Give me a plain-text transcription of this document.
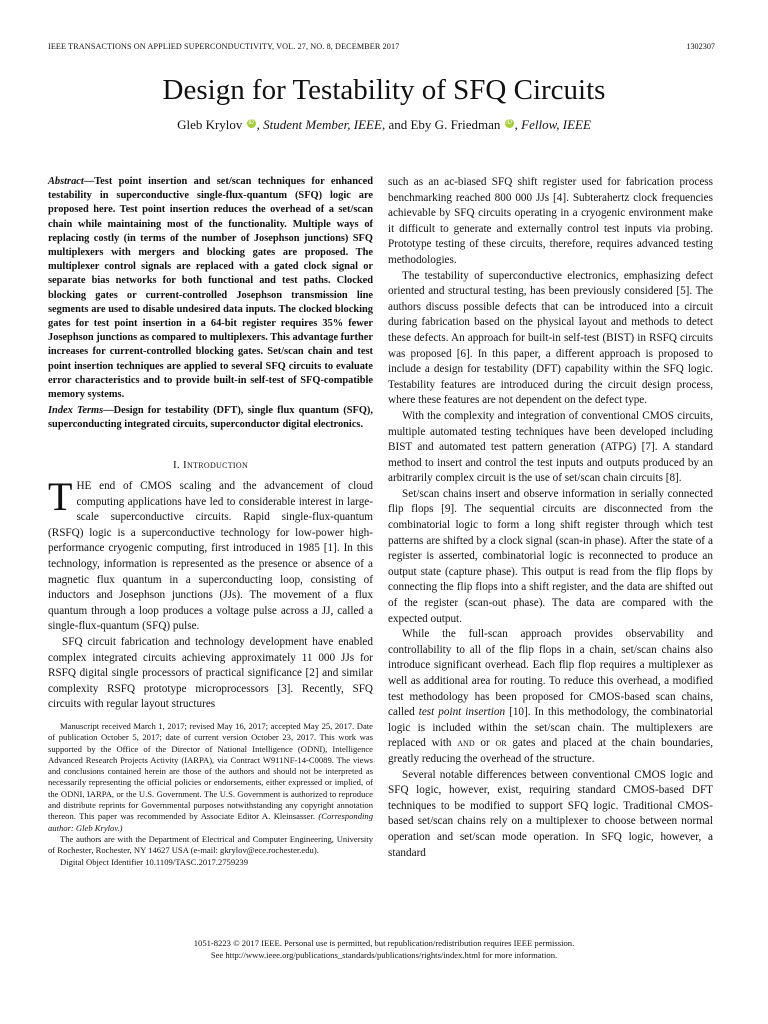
IEEE TRANSACTIONS ON APPLIED SUPERCONDUCTIVITY, VOL. 27, NO. 8, DECEMBER 2017	1302307
Design for Testability of SFQ Circuits
Gleb Krylov iD , Student Member, IEEE, and Eby G. Friedman iD , Fellow, IEEE
Abstract—Test point insertion and set/scan techniques for enhanced testability in superconductive single-flux-quantum (SFQ) logic are proposed here. Test point insertion reduces the overhead of a set/scan chain while maintaining most of the functionality. Multiple ways of replacing costly (in terms of the number of Josephson junctions) SFQ multiplexers with mergers and blocking gates are proposed. The multiplexer control signals are replaced with a gated clock signal or separate bias networks for both functional and test paths. Clocked blocking gates or current-controlled Josephson transmission line segments are used to disable undesired data inputs. The clocked blocking gates for test point insertion in a 64-bit register requires 35% fewer Josephson junctions as compared to multiplexers. This advantage further increases for current-controlled blocking gates. Set/scan chain and test point insertion techniques are applied to several SFQ circuits to evaluate error characteristics and to provide built-in self-test of SFQ-compatible memory systems.
Index Terms—Design for testability (DFT), single flux quantum (SFQ), superconducting integrated circuits, superconductor digital electronics.
I. Introduction

THE end of CMOS scaling and the advancement of cloud computing applications have led to considerable interest in large-scale superconductive circuits. Rapid single-flux-quantum (RSFQ) logic is a superconductive technology for low-power high-performance cryogenic computing, first introduced in 1985 [1]. In this technology, information is represented as the presence or absence of a magnetic flux quantum in a superconducting loop, consisting of inductors and Josephson junctions (JJs). The movement of a flux quantum through a loop produces a voltage pulse across a JJ, called a single-flux-quantum (SFQ) pulse.

SFQ circuit fabrication and technology development have enabled complex integrated circuits achieving approximately 11 000 JJs for RSFQ digital single processors of practical significance [2] and similar complexity RSFQ prototype microprocessors [3]. Recently, SFQ circuits with regular layout structures

Manuscript received March 1, 2017; revised May 16, 2017; accepted May 25, 2017. Date of publication October 5, 2017; date of current version October 23, 2017. This work was supported by the Office of the Director of National Intelligence (ODNI), Intelligence Advanced Research Projects Activity (IARPA), via Contract W911NF-14-C0089. The views and conclusions contained herein are those of the authors and should not be interpreted as necessarily representing the official policies or endorsements, either expressed or implied, of the ODNI, IARPA, or the U.S. Government. The U.S. Government is authorized to reproduce and distribute reprints for Governmental purposes notwithstanding any copyright annotation thereon. This paper was recommended by Associate Editor A. Kleinsasser. (Corresponding author: Gleb Krylov.)

The authors are with the Department of Electrical and Computer Engineering, University of Rochester, Rochester, NY 14627 USA (e-mail: gkrylov@ece.rochester.edu).

Digital Object Identifier 10.1109/TASC.2017.2759239

such as an ac-biased SFQ shift register used for fabrication process benchmarking reached 800 000 JJs [4]. Subterahertz clock frequencies achievable by SFQ circuits operating in a cryogenic environment make it difficult to generate and externally control test inputs via probing. Prototype testing of these circuits, therefore, requires advanced testing methodologies.

The testability of superconductive electronics, emphasizing defect oriented and structural testing, has been previously considered [5]. The authors discuss possible defects that can be introduced into a circuit during fabrication based on the physical layout and methods to detect these defects. An approach for built-in self-test (BIST) in RSFQ circuits was proposed [6]. In this paper, a different approach is proposed to include a design for testability (DFT) capability within the SFQ logic. Testability features are introduced during the circuit design process, where these features are not dependent on the defect type.

With the complexity and integration of conventional CMOS circuits, multiple automated testing techniques have been developed including BIST and automated test pattern generation (ATPG) [7]. A standard method to insert and control the test inputs and outputs produced by an arbitrarily complex circuit is the use of set/scan chain circuits [8].

Set/scan chains insert and observe information in serially connected flip flops [9]. The sequential circuits are disconnected from the combinatorial logic to form a long shift register through which test patterns are shifted by a clock signal (scan-in phase). After the state of a register is asserted, combinatorial logic is reconnected to produce an output state (capture phase). This output is read from the flip flops by connecting the flip flops into a shift register, and the data are shifted out of the register (scan-out phase). The data are compared with the expected output.

While the full-scan approach provides observability and controllability to all of the flip flops in a chain, set/scan chains also introduce significant overhead. Each flip flop requires a multiplexer as well as additional area for routing. To reduce this overhead, a modified test methodology has been proposed for CMOS-based scan chains, called test point insertion [10]. In this methodology, the combinatorial logic is included within the set/scan chain. The multiplexers are replaced with and or or gates and placed at the chain boundaries, greatly reducing the overhead of the structure.

Several notable differences between conventional CMOS logic and SFQ logic, however, exist, requiring standard CMOS-based DFT techniques to be modified to support SFQ logic. Traditional CMOS-based set/scan chains rely on a multiplexer to choose between normal operation and set/scan mode operation. In SFQ logic, however, a standard

1051-8223 © 2017 IEEE. Personal use is permitted, but republication/redistribution requires IEEE permission.
See http://www.ieee.org/publications_standards/publications/rights/index.html for more information.
